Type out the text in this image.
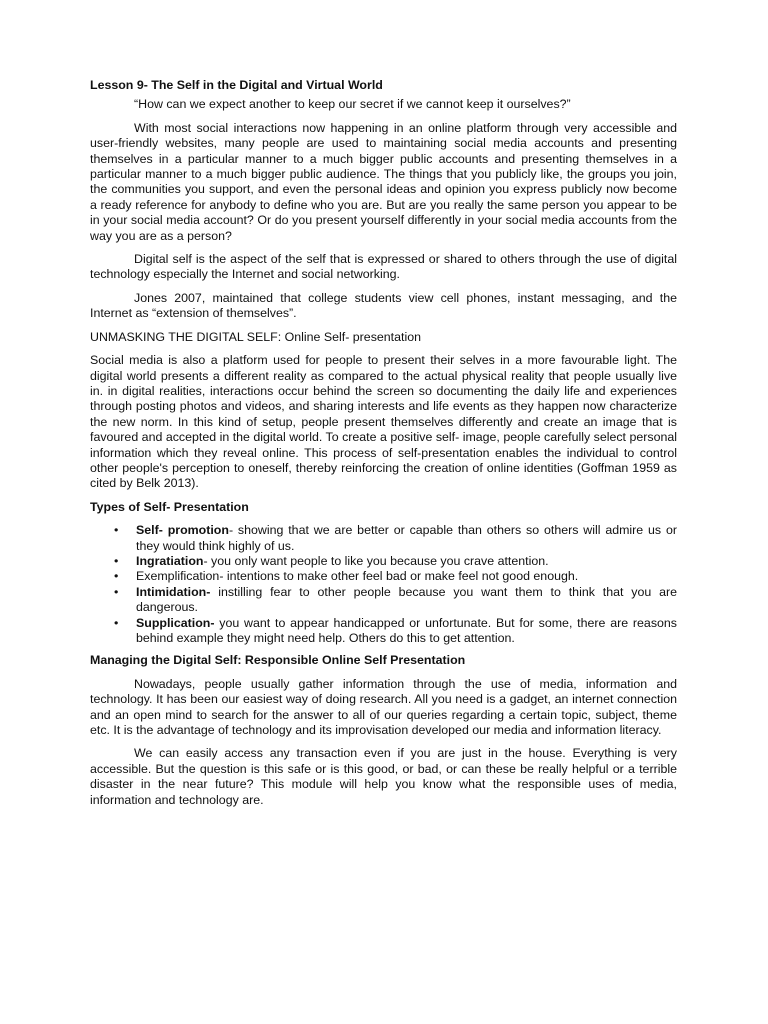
Lesson 9- The Self in the Digital and Virtual World
“How can we expect another to keep our secret if we cannot keep it ourselves?”

With most social interactions now happening in an online platform through very accessible and user-friendly websites, many people are used to maintaining social media accounts and presenting themselves in a particular manner to a much bigger public accounts and presenting themselves in a particular manner to a much bigger public audience. The things that you publicly like, the groups you join, the communities you support, and even the personal ideas and opinion you express publicly now become a ready reference for anybody to define who you are. But are you really the same person you appear to be in your social media account? Or do you present yourself differently in your social media accounts from the way you are as a person?

Digital self is the aspect of the self that is expressed or shared to others through the use of digital technology especially the Internet and social networking.

Jones 2007, maintained that college students view cell phones, instant messaging, and the Internet as “extension of themselves”.

UNMASKING THE DIGITAL SELF: Online Self- presentation

Social media is also a platform used for people to present their selves in a more favourable light. The digital world presents a different reality as compared to the actual physical reality that people usually live in. in digital realities, interactions occur behind the screen so documenting the daily life and experiences through posting photos and videos, and sharing interests and life events as they happen now characterize the new norm. In this kind of setup, people present themselves differently and create an image that is favoured and accepted in the digital world. To create a positive self- image, people carefully select personal information which they reveal online. This process of self-presentation enables the individual to control other people's perception to oneself, thereby reinforcing the creation of online identities (Goffman 1959 as cited by Belk 2013).

Types of Self- Presentation
• Self- promotion- showing that we are better or capable than others so others will admire us or they would think highly of us.
• Ingratiation- you only want people to like you because you crave attention.
• Exemplification- intentions to make other feel bad or make feel not good enough.
• Intimidation- instilling fear to other people because you want them to think that you are dangerous.
• Supplication- you want to appear handicapped or unfortunate. But for some, there are reasons behind example they might need help. Others do this to get attention.
Managing the Digital Self: Responsible Online Self Presentation

Nowadays, people usually gather information through the use of media, information and technology. It has been our easiest way of doing research. All you need is a gadget, an internet connection and an open mind to search for the answer to all of our queries regarding a certain topic, subject, theme etc. It is the advantage of technology and its improvisation developed our media and information literacy.

We can easily access any transaction even if you are just in the house. Everything is very accessible. But the question is this safe or is this good, or bad, or can these be really helpful or a terrible disaster in the near future? This module will help you know what the responsible uses of media, information and technology are.
